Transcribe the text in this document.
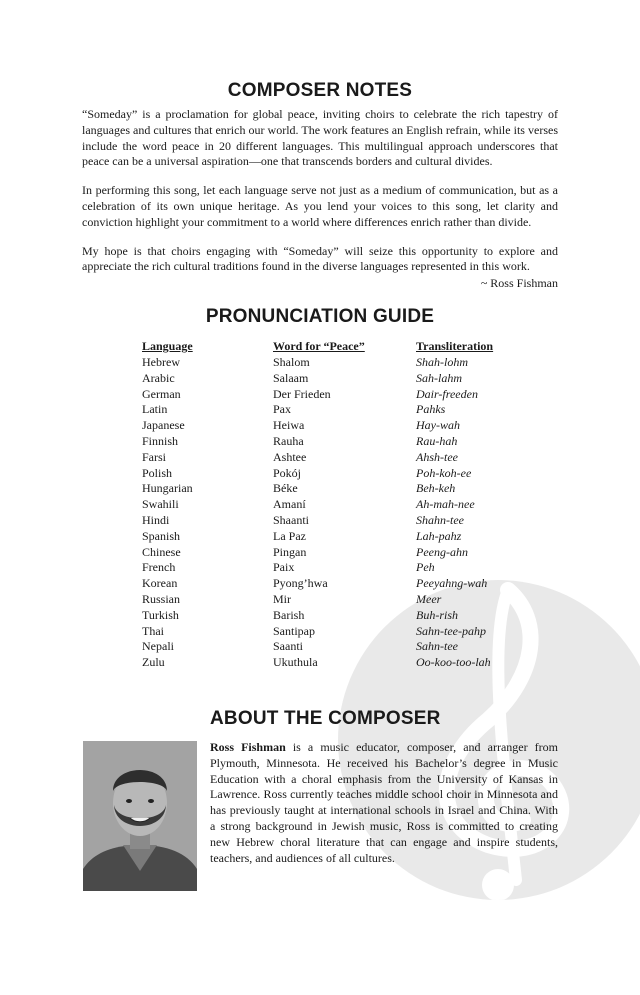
COMPOSER NOTES

“Someday” is a proclamation for global peace, inviting choirs to celebrate the rich tapestry of languages and cultures that enrich our world. The work features an English refrain, while its verses include the word peace in 20 different languages. This multilingual approach underscores that peace can be a universal aspiration—one that transcends borders and cultural divides.

In performing this song, let each language serve not just as a medium of communication, but as a celebration of its own unique heritage. As you lend your voices to this song, let clarity and conviction highlight your commitment to a world where differences enrich rather than divide.

My hope is that choirs engaging with “Someday” will seize this opportunity to explore and appreciate the rich cultural traditions found in the diverse languages represented in this work.

~ Ross Fishman
PRONUNCIATION GUIDE
Language	Word for “Peace”	Transliteration
Hebrew	Shalom	Shah-lohm
Arabic	Salaam	Sah-lahm
German	Der Frieden	Dair-freeden
Latin	Pax	Pahks
Japanese	Heiwa	Hay-wah
Finnish	Rauha	Rau-hah
Farsi	Ashtee	Ahsh-tee
Polish	Pokój	Poh-koh-ee
Hungarian	Béke	Beh-keh
Swahili	Amaní	Ah-mah-nee
Hindi	Shaanti	Shahn-tee
Spanish	La Paz	Lah-pahz
Chinese	Pingan	Peeng-ahn
French	Paix	Peh
Korean	Pyong’hwa	Peeyahng-wah
Russian	Mir	Meer
Turkish	Barish	Buh-rish
Thai	Santipap	Sahn-tee-pahp
Nepali	Saanti	Sahn-tee
Zulu	Ukuthula	Oo-koo-too-lah
ABOUT THE COMPOSER
Ross Fishman is a music educator, composer, and arranger from Plymouth, Minnesota. He received his Bachelor’s degree in Music Education with a choral emphasis from the University of Kansas in Lawrence. Ross currently teaches middle school choir in Minnesota and has previously taught at international schools in Israel and China. With a strong background in Jewish music, Ross is committed to creating new Hebrew choral literature that can engage and inspire students, teachers, and audiences of all cultures.
